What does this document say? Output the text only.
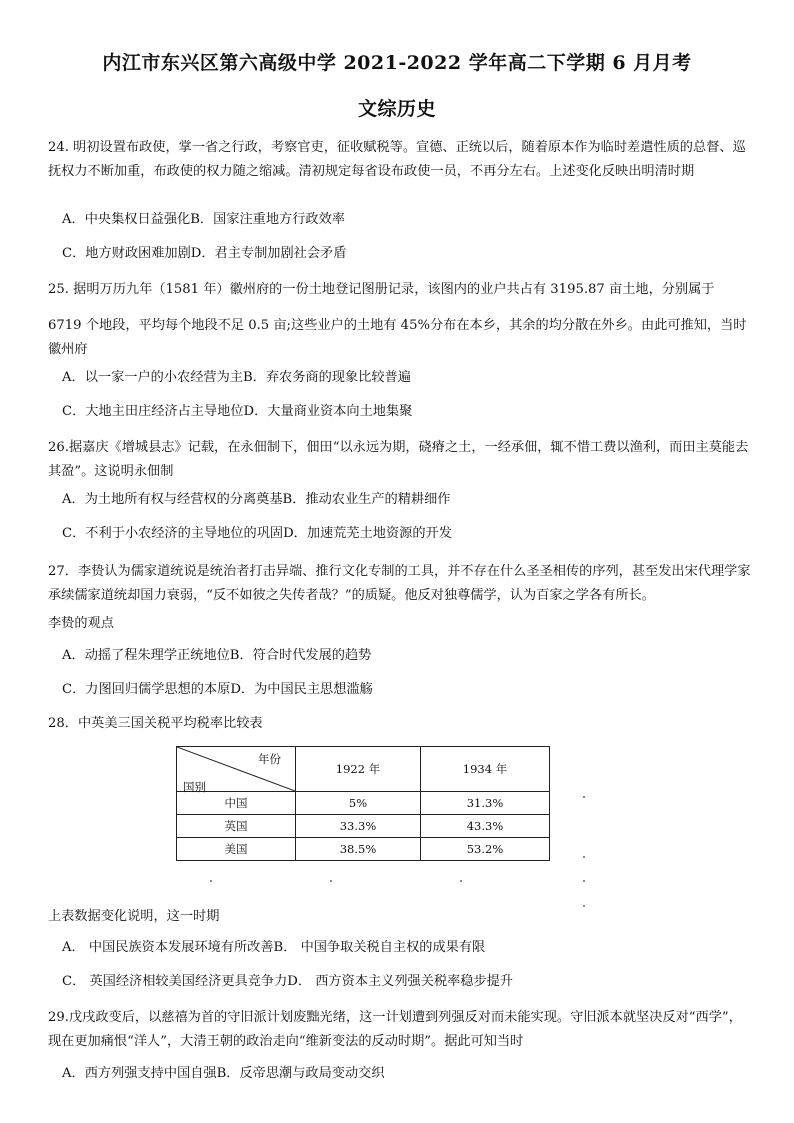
内江市东兴区第六高级中学 2021-2022 学年高二下学期 6 月月考
文综历史
24. 明初设置布政使，掌一省之行政，考察官吏，征收赋税等。宣德、正统以后，随着原本作为临时差遣性质的总督、巡抚权力不断加重，布政使的权力随之缩减。清初规定每省设布政使一员，不再分左右。上述变化反映出明清时期
A．中央集权日益强化B．国家注重地方行政效率
C．地方财政困难加剧D．君主专制加剧社会矛盾
25. 据明万历九年（1581 年）徽州府的一份土地登记图册记录，该图内的业户共占有 3195.87 亩土地，分别属于
6719 个地段，平均每个地段不足 0.5 亩;这些业户的土地有 45%分布在本乡，其余的均分散在外乡。由此可推知，当时徽州府
A．以一家一户的小农经营为主B．弃农务商的现象比较普遍
C．大地主田庄经济占主导地位D．大量商业资本向土地集聚
26.据嘉庆《增城县志》记载，在永佃制下，佃田“以永远为期，硗瘠之土，一经承佃，辄不惜工费以渔利，而田主莫能去其盈”。这说明永佃制
A．为土地所有权与经营权的分离奠基B．推动农业生产的精耕细作
C．不利于小农经济的主导地位的巩固D．加速荒芜土地资源的开发
27．李贽认为儒家道统说是统治者打击异端、推行文化专制的工具，并不存在什么圣圣相传的序列，甚至发出宋代理学家承续儒家道统却国力衰弱，“反不如彼之失传者哉？”的质疑。他反对独尊儒学，认为百家之学各有所长。
李贽的观点
A．动摇了程朱理学正统地位B．符合时代发展的趋势
C．力图回归儒学思想的本原D．为中国民主思想滥觞
28．中英美三国关税平均税率比较表
年份
国别	1922 年	1934 年
中国	5%	31.3%
英国	33.3%	43.3%
美国	38.5%	53.2%
上表数据变化说明，这一时期
A． 中国民族资本发展环境有所改善B． 中国争取关税自主权的成果有限
C． 英国经济相较美国经济更具竞争力D． 西方资本主义列强关税率稳步提升
29.戊戌政变后，以慈禧为首的守旧派计划废黜光绪，这一计划遭到列强反对而未能实现。守旧派本就坚决反对“西学”，现在更加痛恨“洋人”，大清王朝的政治走向“维新变法的反动时期”。据此可知当时
A．西方列强支持中国自强B．反帝思潮与政局变动交织
